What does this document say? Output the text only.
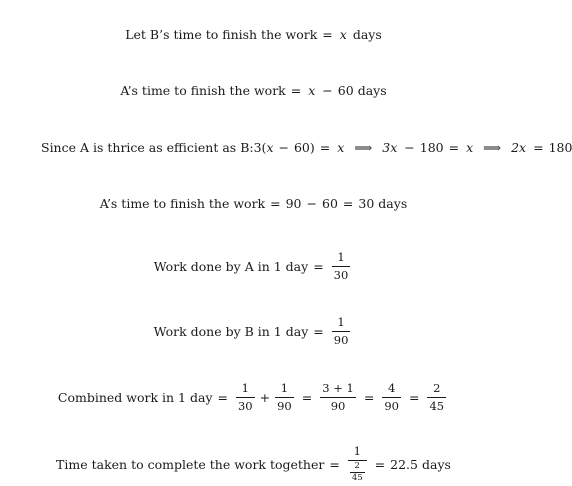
Let B’s time to finish the work = x days
A’s time to finish the work = x − 60 days
Since A is thrice as efficient as B: 3( x − 60) = x ⟹ 3x − 180 = x ⟹ 2x = 180
A’s time to finish the work = 90 − 60 = 30 days
Work done by A in 1 day = $\frac{1}{30}$
Work done by B in 1 day = $\frac{1}{90}$
Combined work in 1 day = $\frac{1}{30} + \frac{1}{90} = \frac{3 + 1}{90} = \frac{4}{90} = \frac{2}{45}$
Time taken to complete the work together = $\frac{1}{\frac{2}{45}} = 22.5$ days
